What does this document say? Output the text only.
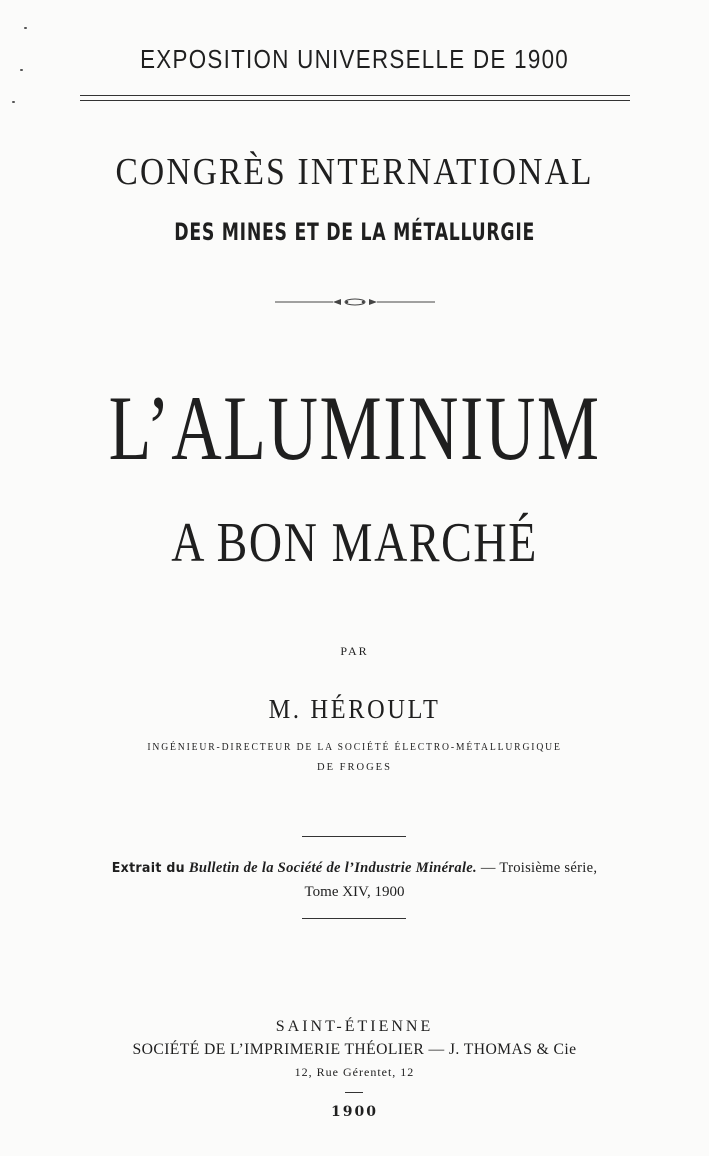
EXPOSITION UNIVERSELLE DE 1900
CONGRÈS INTERNATIONAL
DES MINES ET DE LA MÉTALLURGIE
L’ALUMINIUM
A BON MARCHÉ
PAR
M. HÉROULT
INGÉNIEUR-DIRECTEUR DE LA SOCIÉTÉ ÉLECTRO-MÉTALLURGIQUE
DE FROGES
Extrait du Bulletin de la Société de l’Industrie Minérale. — Troisième série,
Tome XIV, 1900
SAINT-ÉTIENNE
SOCIÉTÉ DE L’IMPRIMERIE THÉOLIER — J. THOMAS & Cie
12, Rue Gérentet, 12
1900
